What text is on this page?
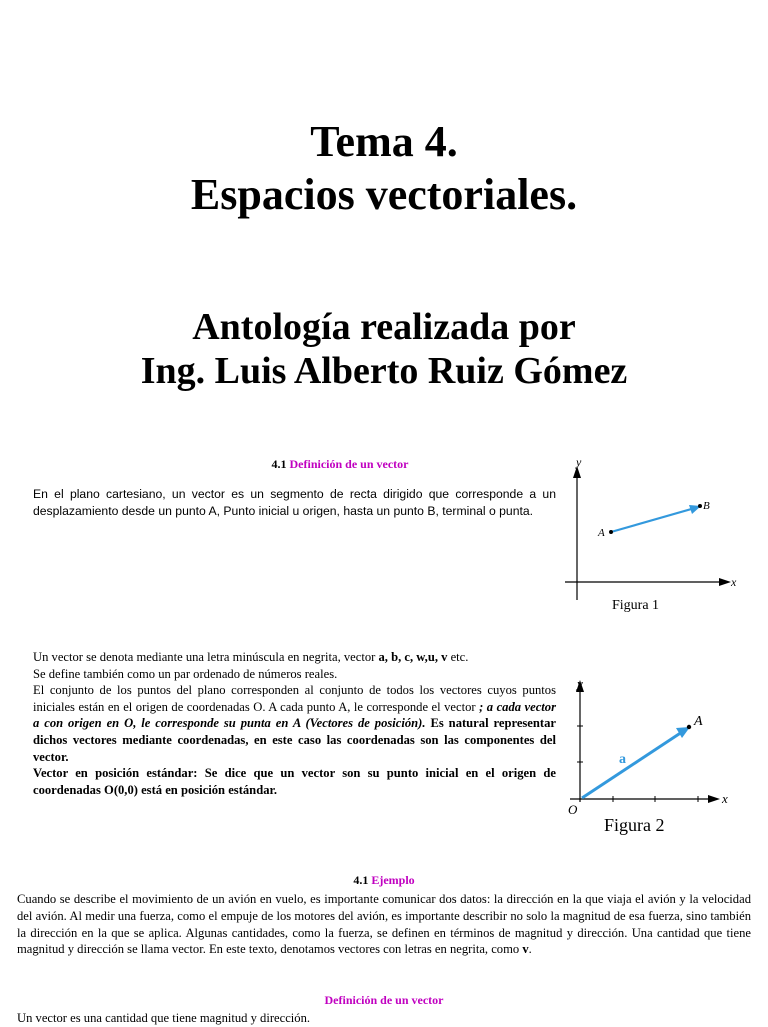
Tema 4.
Espacios vectoriales.
Antología realizada por
Ing. Luis Alberto Ruiz Gómez
4.1 Definición de un vector
En el plano cartesiano, un vector es un segmento de recta dirigido que corresponde a un desplazamiento desde un punto A, Punto inicial u origen, hasta un punto B, terminal o punta.
y
x
A
B
Figura 1
Un vector se denota mediante una letra minúscula en negrita, vector a, b, c, w,u, v etc.
Se define también como un par ordenado de números reales.
El conjunto de los puntos del plano corresponden al conjunto de todos los vectores cuyos puntos iniciales están en el origen de coordenadas O. A cada punto A, le corresponde el vector ; a cada vector a con origen en O, le corresponde su punta en A (Vectores de posición). Es natural representar dichos vectores mediante coordenadas, en este caso las coordenadas son las componentes del vector.
Vector en posición estándar: Se dice que un vector son su punto inicial en el origen de coordenadas O(0,0) está en posición estándar.
y
x
A
a
O
Figura 2
4.1 Ejemplo
Cuando se describe el movimiento de un avión en vuelo, es importante comunicar dos datos: la dirección en la que viaja el avión y la velocidad del avión. Al medir una fuerza, como el empuje de los motores del avión, es importante describir no solo la magnitud de esa fuerza, sino también la dirección en la que se aplica. Algunas cantidades, como la fuerza, se definen en términos de magnitud y dirección. Una cantidad que tiene magnitud y dirección se llama vector. En este texto, denotamos vectores con letras en negrita, como v.
Definición de un vector
Un vector es una cantidad que tiene magnitud y dirección.
